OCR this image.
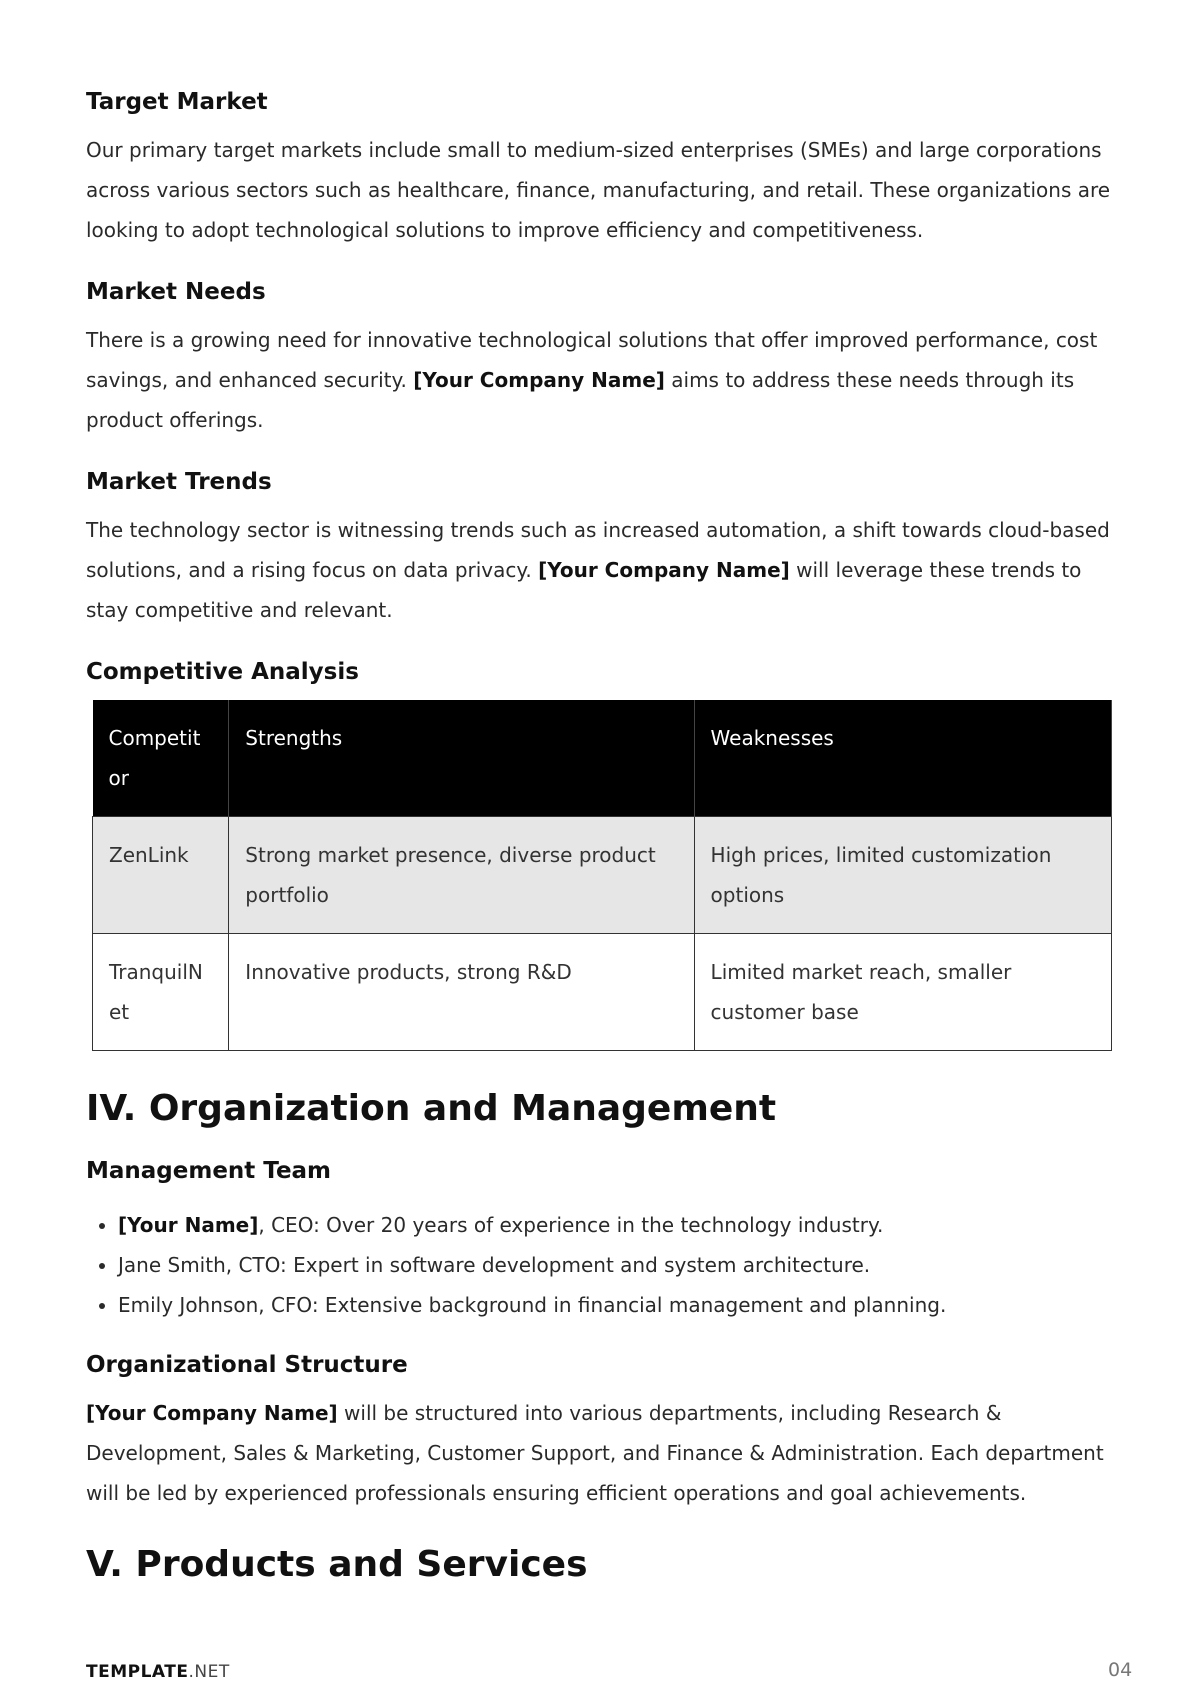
Target Market

Our primary target markets include small to medium-sized enterprises (SMEs) and large corporations across various sectors such as healthcare, finance, manufacturing, and retail. These organizations are looking to adopt technological solutions to improve efficiency and competitiveness.

Market Needs

There is a growing need for innovative technological solutions that offer improved performance, cost savings, and enhanced security. [Your Company Name] aims to address these needs through its product offerings.

Market Trends

The technology sector is witnessing trends such as increased automation, a shift towards cloud-based solutions, and a rising focus on data privacy. [Your Company Name] will leverage these trends to stay competitive and relevant.

Competitive Analysis
Competitor	Strengths	Weaknesses
ZenLink	Strong market presence, diverse product portfolio	High prices, limited customization options
TranquilNet	Innovative products, strong R&D	Limited market reach, smaller customer base
IV. Organization and Management
Management Team
• [Your Name], CEO: Over 20 years of experience in the technology industry.
• Jane Smith, CTO: Expert in software development and system architecture.
• Emily Johnson, CFO: Extensive background in financial management and planning.
Organizational Structure

[Your Company Name] will be structured into various departments, including Research & Development, Sales & Marketing, Customer Support, and Finance & Administration. Each department will be led by experienced professionals ensuring efficient operations and goal achievements.

V. Products and Services
TEMPLATE.NET	04
